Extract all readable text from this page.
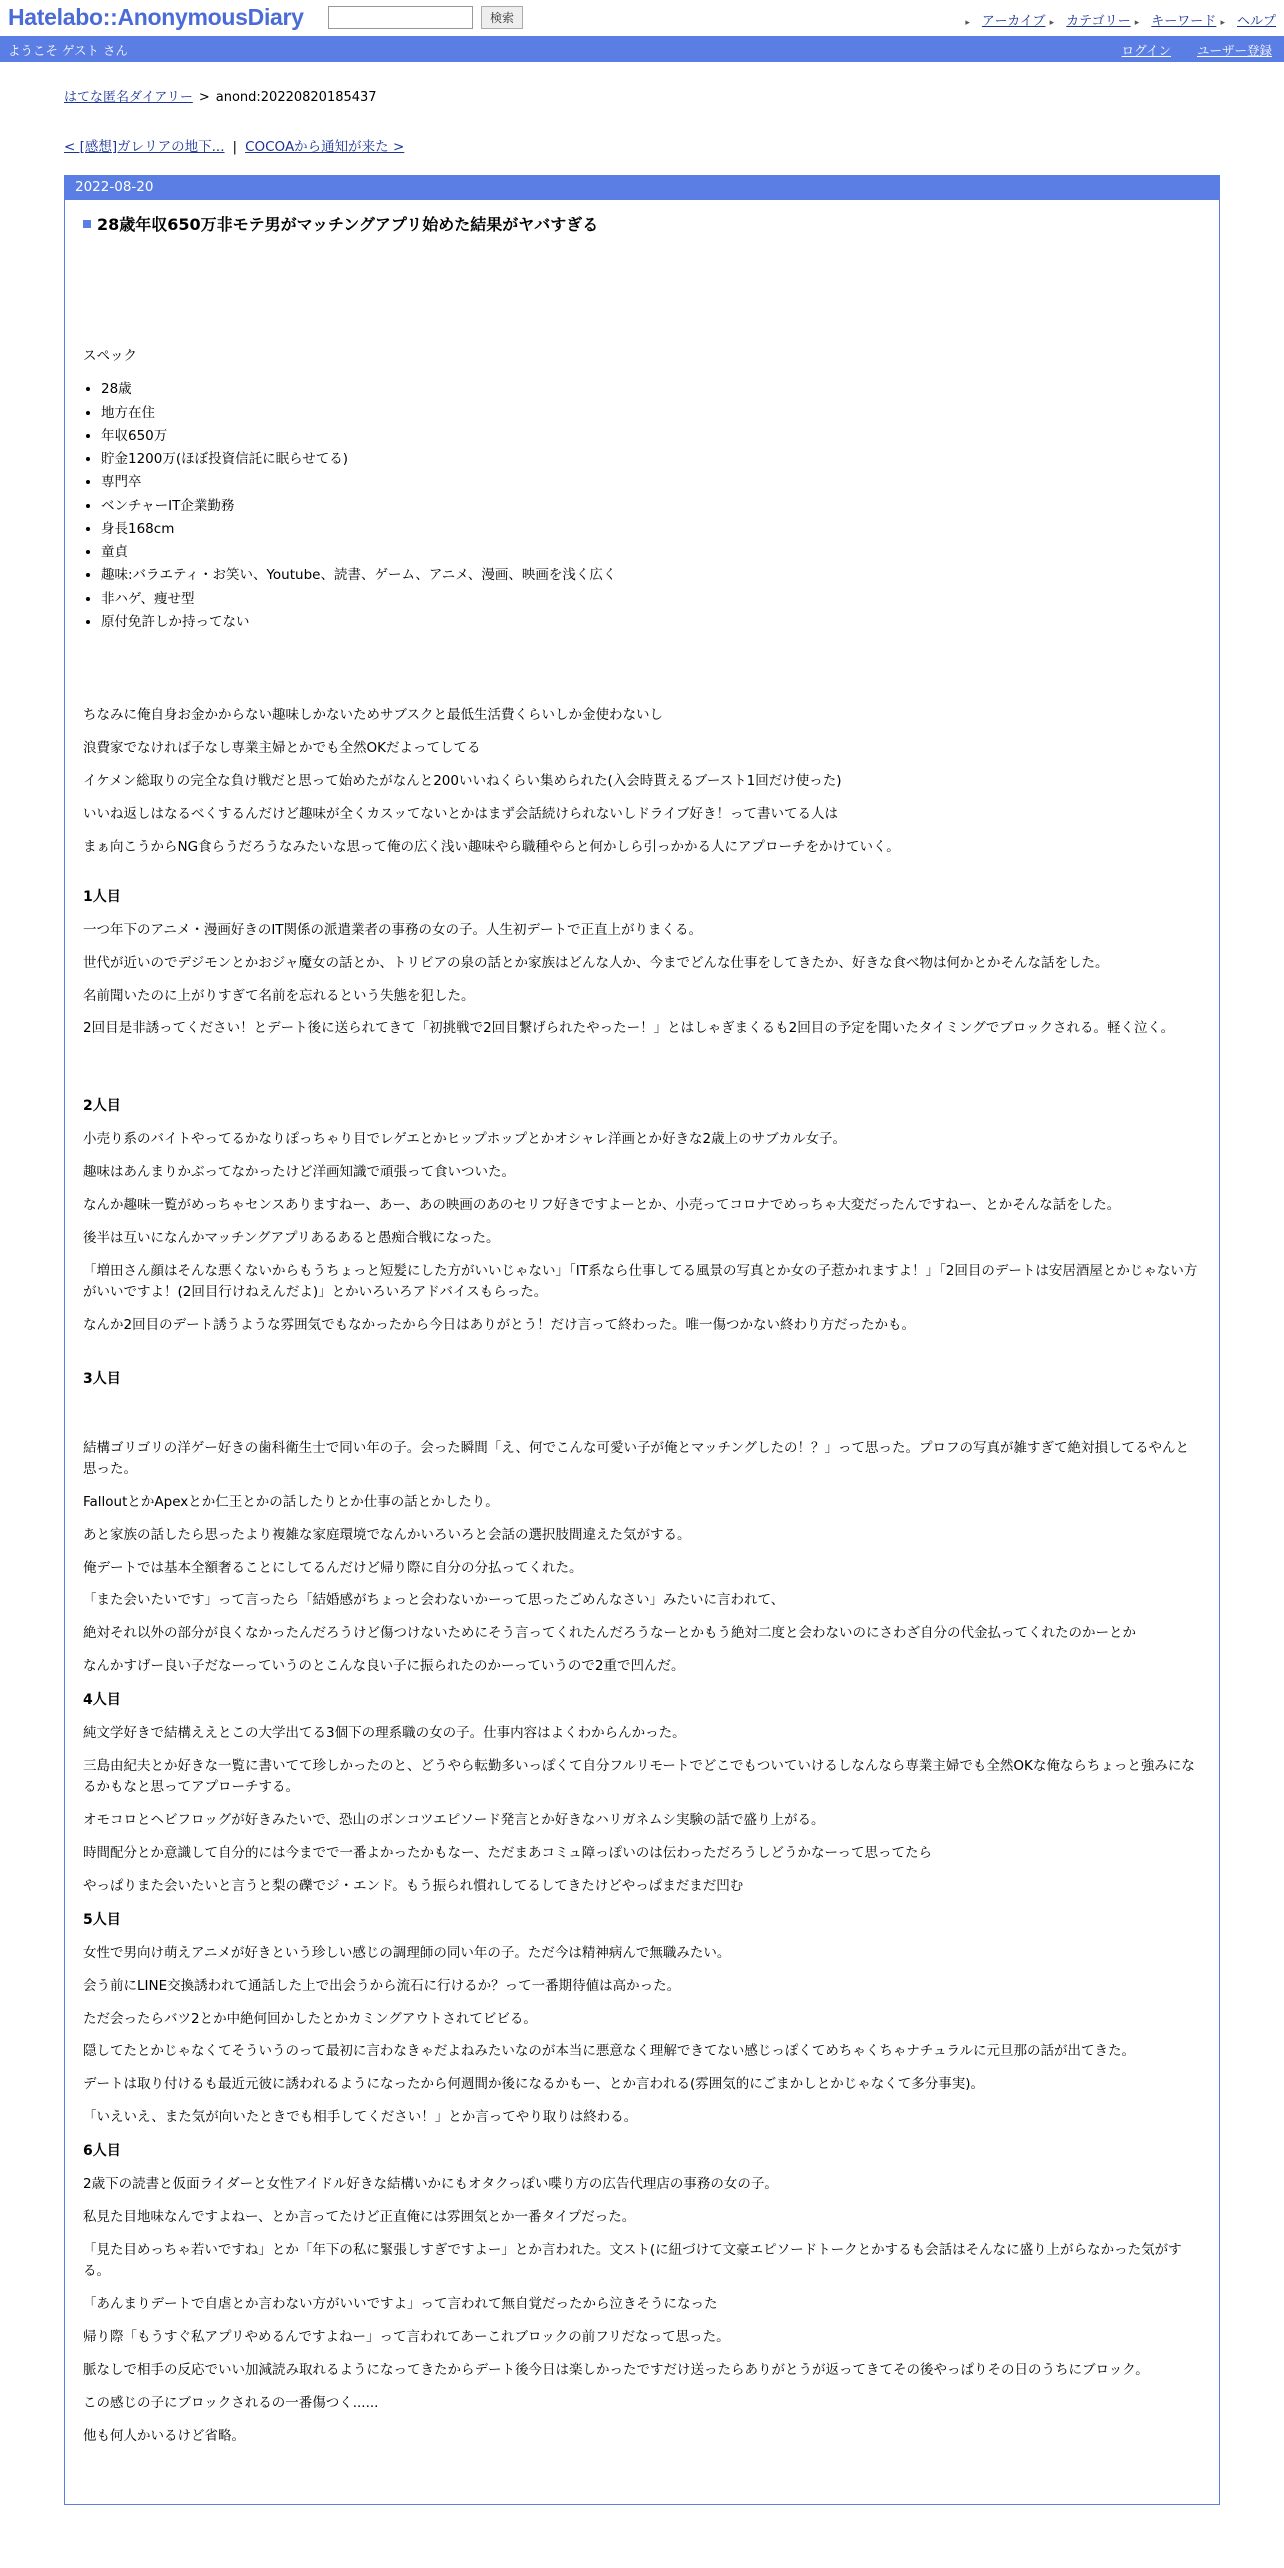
Hatelabo::AnonymousDiary	検索	▸ アーカイブ ▸ カテゴリー ▸ キーワード ▸ ヘルプ
ようこそ ゲスト さん	ログイン ユーザー登録
はてな匿名ダイアリー > anond:20220820185437
< [感想]ガレリアの地下... | COCOAから通知が来た >
2022-08-20
28歳年収650万非モテ男がマッチングアプリ始めた結果がヤバすぎる

スペック

• 28歳
• 地方在住
• 年収650万
• 貯金1200万(ほぼ投資信託に眠らせてる)
• 専門卒
• ベンチャーIT企業勤務
• 身長168cm
• 童貞
• 趣味:バラエティ・お笑い、Youtube、読書、ゲーム、アニメ、漫画、映画を浅く広く
• 非ハゲ、痩せ型
• 原付免許しか持ってない

ちなみに俺自身お金かからない趣味しかないためサブスクと最低生活費くらいしか金使わないし

浪費家でなければ子なし専業主婦とかでも全然OKだよってしてる

イケメン総取りの完全な負け戦だと思って始めたがなんと200いいねくらい集められた(入会時貰えるブースト1回だけ使った)

いいね返しはなるべくするんだけど趣味が全くカスッてないとかはまず会話続けられないしドライブ好き！って書いてる人は

まぁ向こうからNG食らうだろうなみたいな思って俺の広く浅い趣味やら職種やらと何かしら引っかかる人にアプローチをかけていく。

1人目

一つ年下のアニメ・漫画好きのIT関係の派遣業者の事務の女の子。人生初デートで正直上がりまくる。

世代が近いのでデジモンとかおジャ魔女の話とか、トリビアの泉の話とか家族はどんな人か、今までどんな仕事をしてきたか、好きな食べ物は何かとかそんな話をした。

名前聞いたのに上がりすぎて名前を忘れるという失態を犯した。

2回目是非誘ってください！とデート後に送られてきて「初挑戦で2回目繋げられたやったー！」とはしゃぎまくるも2回目の予定を聞いたタイミングでブロックされる。軽く泣く。

2人目

小売り系のバイトやってるかなりぽっちゃり目でレゲエとかヒップホップとかオシャレ洋画とか好きな2歳上のサブカル女子。

趣味はあんまりかぶってなかったけど洋画知識で頑張って食いついた。

なんか趣味一覧がめっちゃセンスありますねー、あー、あの映画のあのセリフ好きですよーとか、小売ってコロナでめっちゃ大変だったんですねー、とかそんな話をした。

後半は互いになんかマッチングアプリあるあると愚痴合戦になった。

「増田さん顔はそんな悪くないからもうちょっと短髪にした方がいいじゃない」「IT系なら仕事してる風景の写真とか女の子惹かれますよ！」「2回目のデートは安居酒屋とかじゃない方がいいですよ！(2回目行けねえんだよ)」とかいろいろアドバイスもらった。

なんか2回目のデート誘うような雰囲気でもなかったから今日はありがとう！だけ言って終わった。唯一傷つかない終わり方だったかも。

3人目

結構ゴリゴリの洋ゲー好きの歯科衛生士で同い年の子。会った瞬間「え、何でこんな可愛い子が俺とマッチングしたの！？」って思った。プロフの写真が雑すぎて絶対損してるやんと思った。

FalloutとかApexとか仁王とかの話したりとか仕事の話とかしたり。

あと家族の話したら思ったより複雑な家庭環境でなんかいろいろと会話の選択肢間違えた気がする。

俺デートでは基本全額奢ることにしてるんだけど帰り際に自分の分払ってくれた。

「また会いたいです」って言ったら「結婚感がちょっと会わないかーって思ったごめんなさい」みたいに言われて、

絶対それ以外の部分が良くなかったんだろうけど傷つけないためにそう言ってくれたんだろうなーとかもう絶対二度と会わないのにさわざ自分の代金払ってくれたのかーとか

なんかすげー良い子だなーっていうのとこんな良い子に振られたのかーっていうので2重で凹んだ。

4人目

純文学好きで結構ええとこの大学出てる3個下の理系職の女の子。仕事内容はよくわからんかった。

三島由紀夫とか好きな一覧に書いてて珍しかったのと、どうやら転勤多いっぽくて自分フルリモートでどこでもついていけるしなんなら専業主婦でも全然OKな俺ならちょっと強みになるかもなと思ってアプローチする。

オモコロとヘビフロッグが好きみたいで、恐山のボンコツエピソード発言とか好きなハリガネムシ実験の話で盛り上がる。

時間配分とか意識して自分的には今までで一番よかったかもなー、ただまあコミュ障っぽいのは伝わっただろうしどうかなーって思ってたら

やっぱりまた会いたいと言うと梨の礫でジ・エンド。もう振られ慣れしてるしてきたけどやっぱまだまだ凹む

5人目

女性で男向け萌えアニメが好きという珍しい感じの調理師の同い年の子。ただ今は精神病んで無職みたい。

会う前にLINE交換誘われて通話した上で出会うから流石に行けるか？って一番期待値は高かった。

ただ会ったらバツ2とか中絶何回かしたとかカミングアウトされてビビる。

隠してたとかじゃなくてそういうのって最初に言わなきゃだよねみたいなのが本当に悪意なく理解できてない感じっぽくてめちゃくちゃナチュラルに元旦那の話が出てきた。

デートは取り付けるも最近元彼に誘われるようになったから何週間か後になるかもー、とか言われる(雰囲気的にごまかしとかじゃなくて多分事実)。

「いえいえ、また気が向いたときでも相手してください！」とか言ってやり取りは終わる。

6人目

2歳下の読書と仮面ライダーと女性アイドル好きな結構いかにもオタクっぽい喋り方の広告代理店の事務の女の子。

私見た目地味なんですよねー、とか言ってたけど正直俺には雰囲気とか一番タイプだった。

「見た目めっちゃ若いですね」とか「年下の私に緊張しすぎですよー」とか言われた。文スト(に紐づけて文豪エピソードトークとかするも会話はそんなに盛り上がらなかった気がする。

「あんまりデートで自虐とか言わない方がいいですよ」って言われて無自覚だったから泣きそうになった

帰り際「もうすぐ私アプリやめるんですよねー」って言われてあーこれブロックの前フリだなって思った。

脈なしで相手の反応でいい加減読み取れるようになってきたからデート後今日は楽しかったですだけ送ったらありがとうが返ってきてその後やっぱりその日のうちにブロック。

この感じの子にブロックされるの一番傷つく......

他も何人かいるけど省略。
